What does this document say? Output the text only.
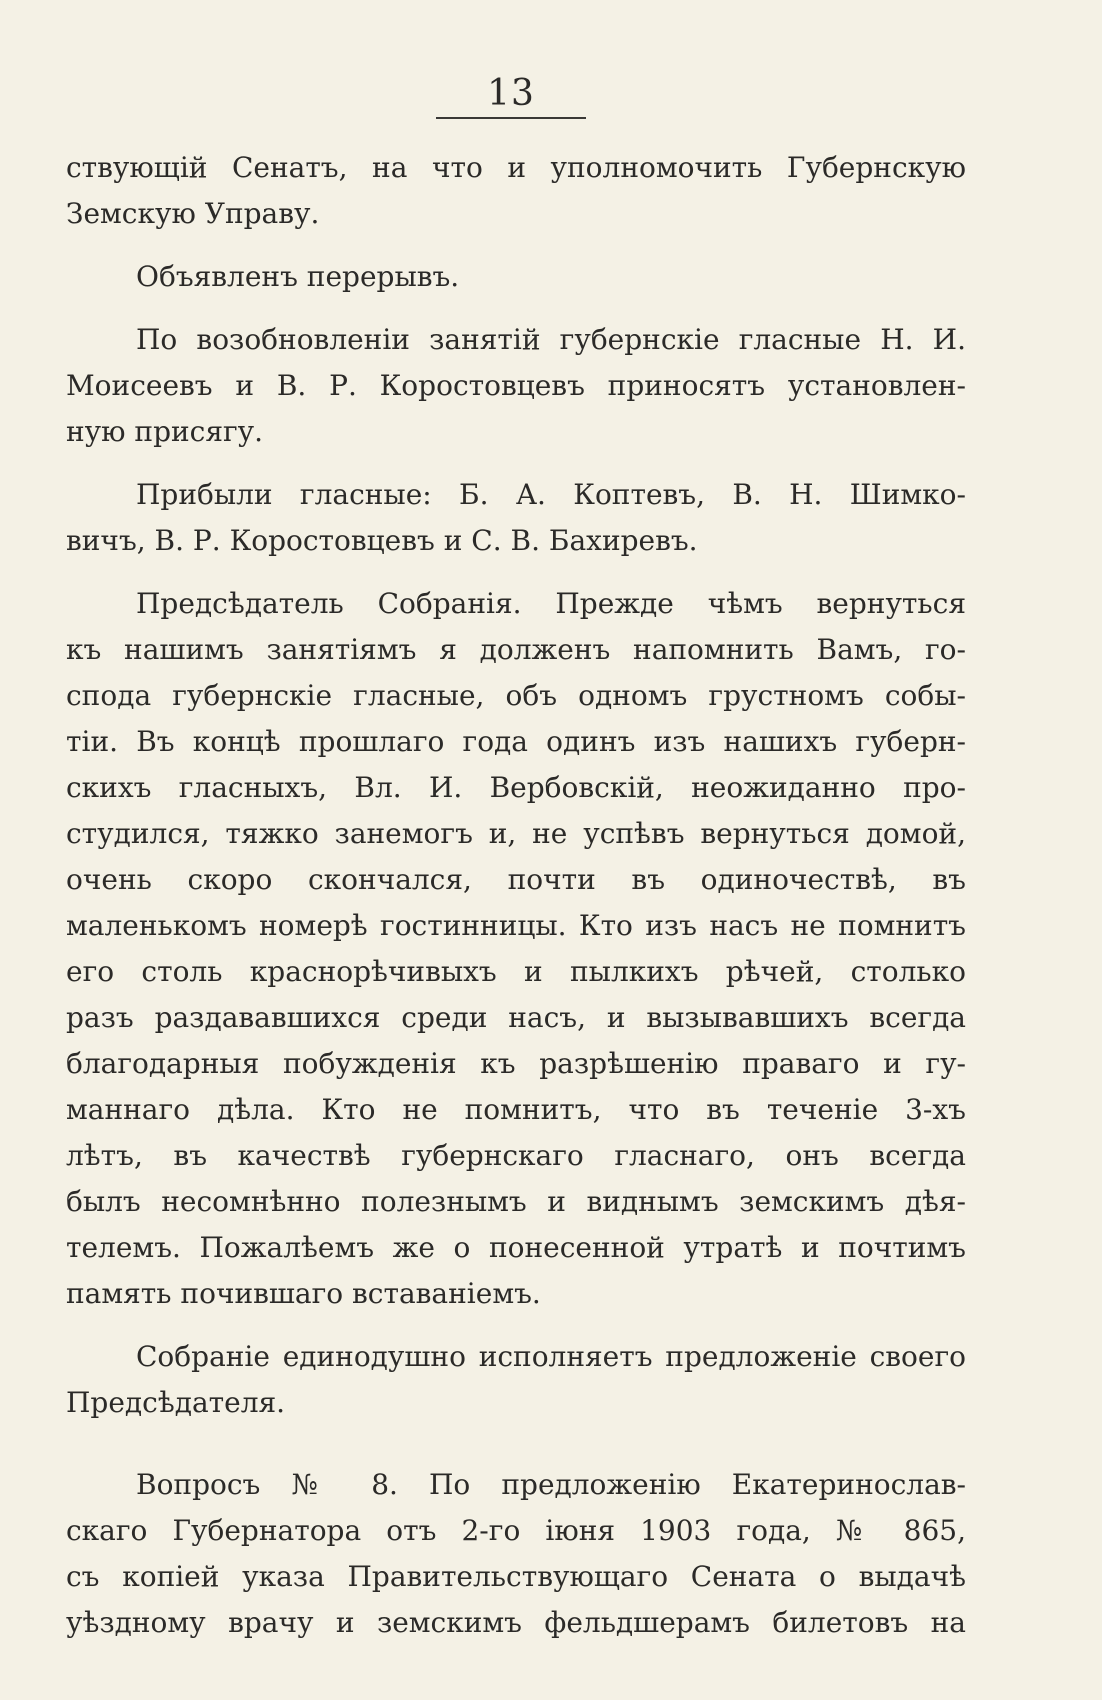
13
ствующій Сенатъ, на что и уполномочить Губернскую
Земскую Управу.
Объявленъ перерывъ.
По возобновленіи занятій губернскіе гласные Н. И.
Моисеевъ и В. Р. Коростовцевъ приносятъ установлен-
ную присягу.
Прибыли гласные: Б. А. Коптевъ, В. Н. Шимко-
вичъ, В. Р. Коростовцевъ и С. В. Бахиревъ.
Предсѣдатель Собранія. Прежде чѣмъ вернуться
къ нашимъ занятіямъ я долженъ напомнить Вамъ, го-
спода губернскіе гласные, объ одномъ грустномъ собы-
тіи. Въ концѣ прошлаго года одинъ изъ нашихъ губерн-
скихъ гласныхъ, Вл. И. Вербовскій, неожиданно про-
студился, тяжко занемогъ и, не успѣвъ вернуться домой,
очень скоро скончался, почти въ одиночествѣ, въ
маленькомъ номерѣ гостинницы. Кто изъ насъ не помнитъ
его столь краснорѣчивыхъ и пылкихъ рѣчей, столько
разъ раздававшихся среди насъ, и вызывавшихъ всегда
благодарныя побужденія къ разрѣшенію праваго и гу-
маннаго дѣла. Кто не помнитъ, что въ теченіе 3-хъ
лѣтъ, въ качествѣ губернскаго гласнаго, онъ всегда
былъ несомнѣнно полезнымъ и виднымъ земскимъ дѣя-
телемъ. Пожалѣемъ же о понесенной утратѣ и почтимъ
память почившаго вставаніемъ.
Собраніе единодушно исполняетъ предложеніе своего
Предсѣдателя.
Вопросъ № 8. По предложенію Екатеринослав-
скаго Губернатора отъ 2-го іюня 1903 года, № 865,
съ копіей указа Правительствующаго Сената о выдачѣ
уѣздному врачу и земскимъ фельдшерамъ билетовъ на
